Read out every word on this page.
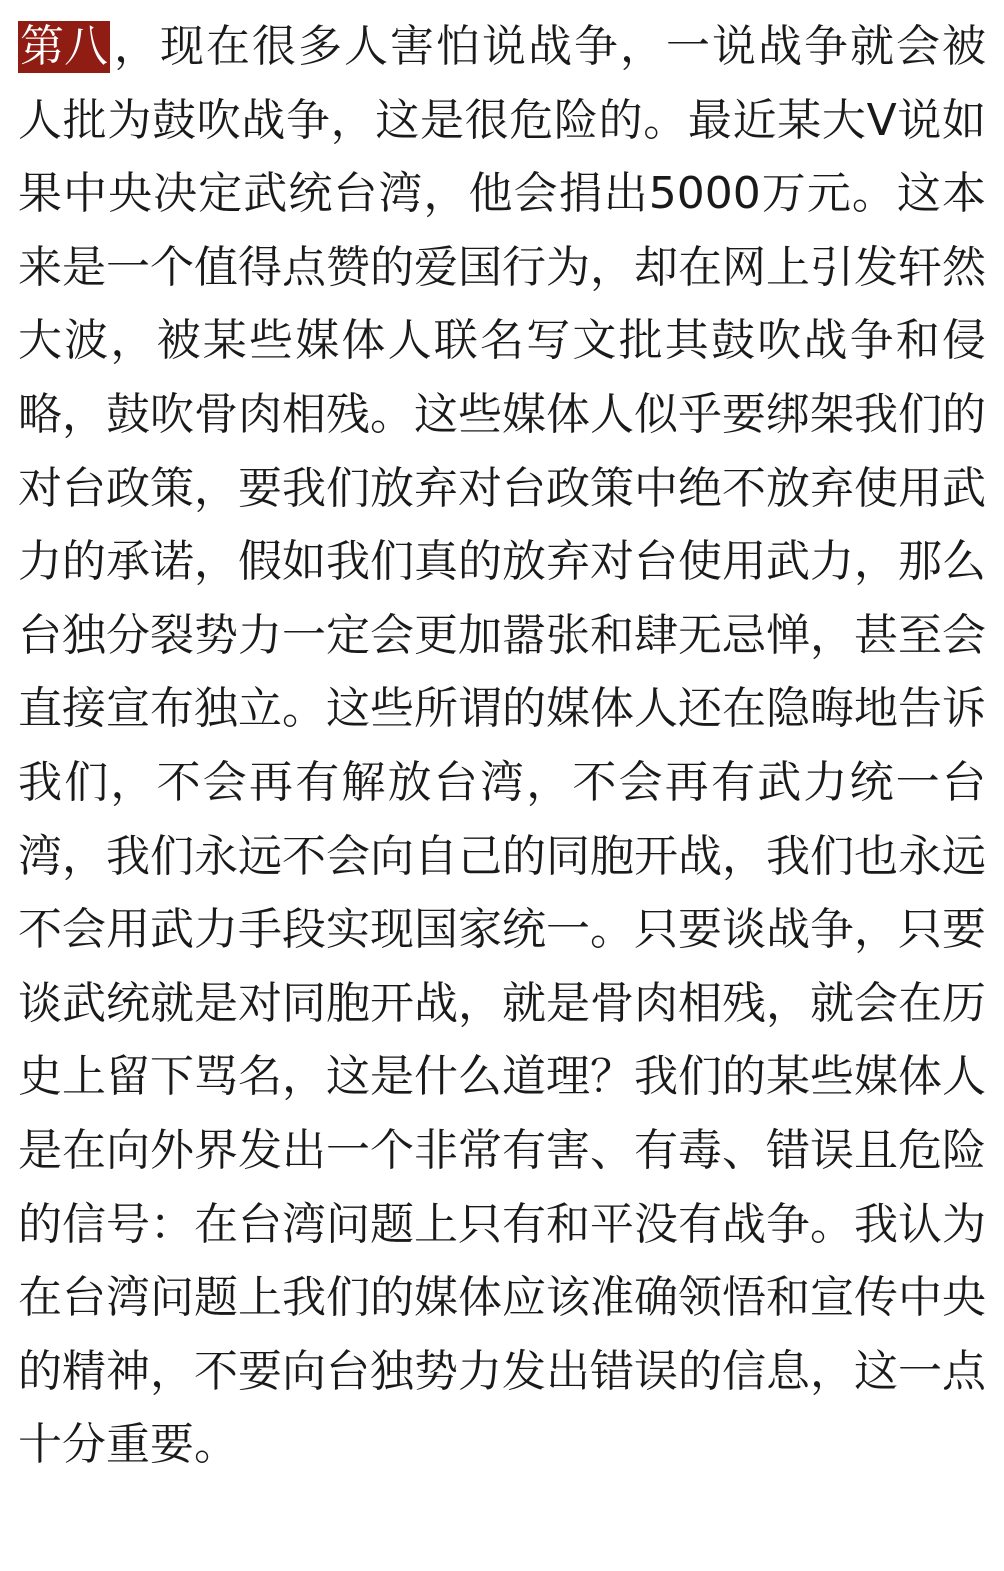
第八，现在很多人害怕说战争，一说战争就会被人批为鼓吹战争，这是很危险的。最近某大V说如果中央决定武统台湾，他会捐出5000万元。这本来是一个值得点赞的爱国行为，却在网上引发轩然大波，被某些媒体人联名写文批其鼓吹战争和侵略，鼓吹骨肉相残。这些媒体人似乎要绑架我们的对台政策，要我们放弃对台政策中绝不放弃使用武力的承诺，假如我们真的放弃对台使用武力，那么台独分裂势力一定会更加嚣张和肆无忌惮，甚至会直接宣布独立。这些所谓的媒体人还在隐晦地告诉我们，不会再有解放台湾，不会再有武力统一台湾，我们永远不会向自己的同胞开战，我们也永远不会用武力手段实现国家统一。只要谈战争，只要谈武统就是对同胞开战，就是骨肉相残，就会在历史上留下骂名，这是什么道理？我们的某些媒体人是在向外界发出一个非常有害、有毒、错误且危险的信号：在台湾问题上只有和平没有战争。我认为在台湾问题上我们的媒体应该准确领悟和宣传中央的精神，不要向台独势力发出错误的信息，这一点十分重要。
